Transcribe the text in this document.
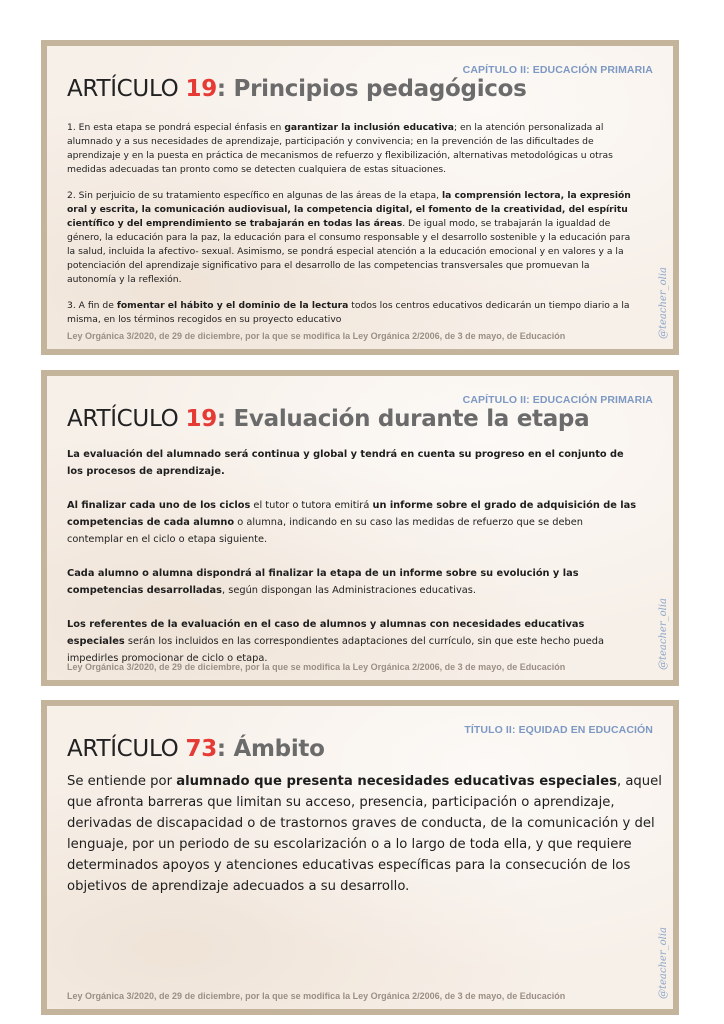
CAPÍTULO II: EDUCACIÓN PRIMARIA
ARTÍCULO 19: Principios pedagógicos

1. En esta etapa se pondrá especial énfasis en garantizar la inclusión educativa; en la atención personalizada al alumnado y a sus necesidades de aprendizaje, participación y convivencia; en la prevención de las dificultades de aprendizaje y en la puesta en práctica de mecanismos de refuerzo y flexibilización, alternativas metodológicas u otras medidas adecuadas tan pronto como se detecten cualquiera de estas situaciones.

2. Sin perjuicio de su tratamiento específico en algunas de las áreas de la etapa, la comprensión lectora, la expresión oral y escrita, la comunicación audiovisual, la competencia digital, el fomento de la creatividad, del espíritu científico y del emprendimiento se trabajarán en todas las áreas. De igual modo, se trabajarán la igualdad de género, la educación para la paz, la educación para el consumo responsable y el desarrollo sostenible y la educación para la salud, incluida la afectivo- sexual. Asimismo, se pondrá especial atención a la educación emocional y en valores y a la potenciación del aprendizaje significativo para el desarrollo de las competencias transversales que promuevan la autonomía y la reflexión.

3. A fin de fomentar el hábito y el dominio de la lectura todos los centros educativos dedicarán un tiempo diario a la misma, en los términos recogidos en su proyecto educativo

Ley Orgánica 3/2020, de 29 de diciembre, por la que se modifica la Ley Orgánica 2/2006, de 3 de mayo, de Educación	@teacher_olia
CAPÍTULO II: EDUCACIÓN PRIMARIA
ARTÍCULO 19: Evaluación durante la etapa

La evaluación del alumnado será continua y global y tendrá en cuenta su progreso en el conjunto de los procesos de aprendizaje.

Al finalizar cada uno de los ciclos el tutor o tutora emitirá un informe sobre el grado de adquisición de las competencias de cada alumno o alumna, indicando en su caso las medidas de refuerzo que se deben contemplar en el ciclo o etapa siguiente.

Cada alumno o alumna dispondrá al finalizar la etapa de un informe sobre su evolución y las competencias desarrolladas, según dispongan las Administraciones educativas.

Los referentes de la evaluación en el caso de alumnos y alumnas con necesidades educativas especiales serán los incluidos en las correspondientes adaptaciones del currículo, sin que este hecho pueda impedirles promocionar de ciclo o etapa.

Ley Orgánica 3/2020, de 29 de diciembre, por la que se modifica la Ley Orgánica 2/2006, de 3 de mayo, de Educación	@teacher_olia
TÍTULO II: EQUIDAD EN EDUCACIÓN
ARTÍCULO 73: Ámbito

Se entiende por alumnado que presenta necesidades educativas especiales, aquel que afronta barreras que limitan su acceso, presencia, participación o aprendizaje, derivadas de discapacidad o de trastornos graves de conducta, de la comunicación y del lenguaje, por un periodo de su escolarización o a lo largo de toda ella, y que requiere determinados apoyos y atenciones educativas específicas para la consecución de los objetivos de aprendizaje adecuados a su desarrollo.

Ley Orgánica 3/2020, de 29 de diciembre, por la que se modifica la Ley Orgánica 2/2006, de 3 de mayo, de Educación	@teacher_olia
